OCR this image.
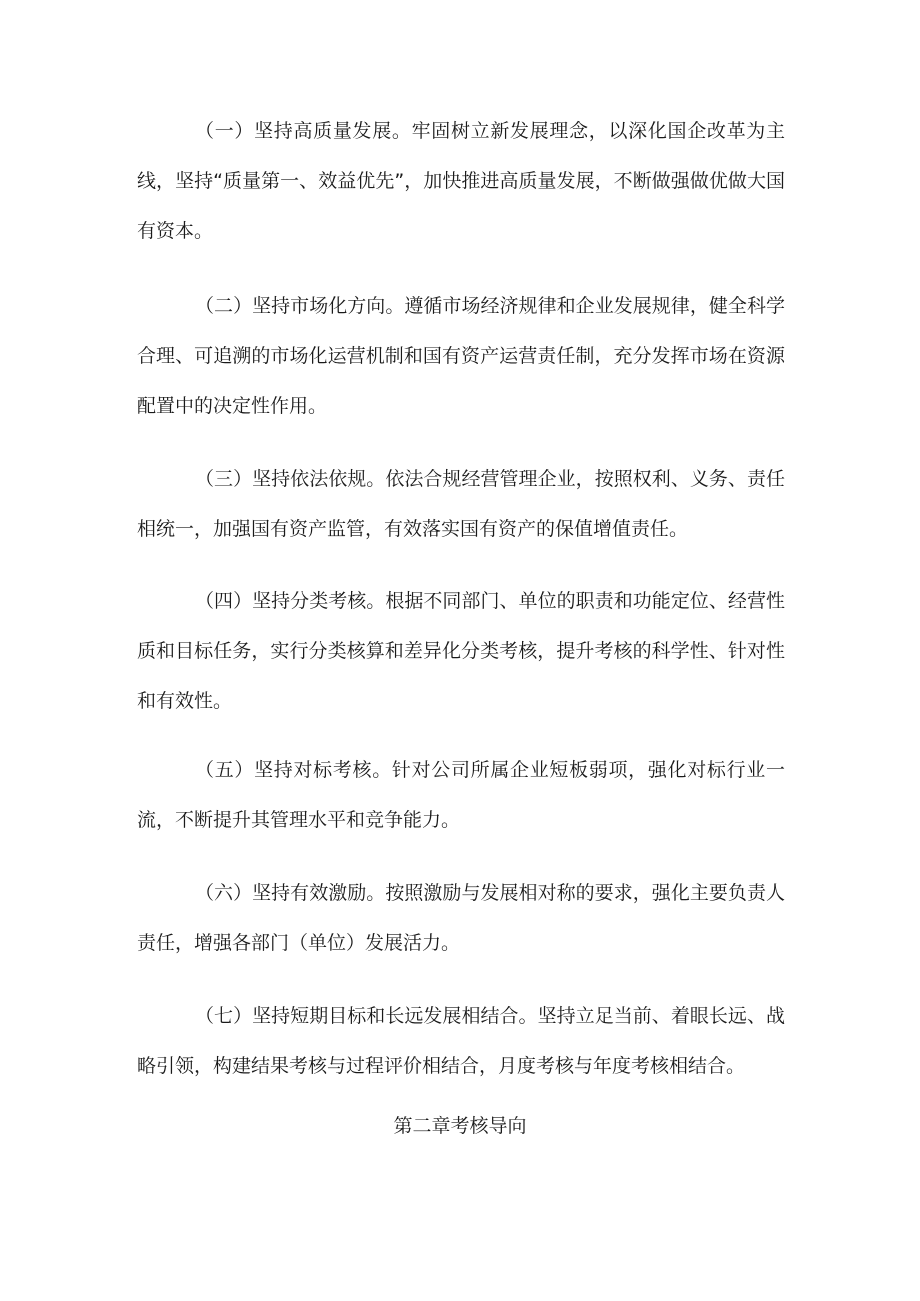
（一）坚持高质量发展。牢固树立新发展理念，以深化国企改革为主线，坚持“质量第一、效益优先”，加快推进高质量发展，不断做强做优做大国有资本。

（二）坚持市场化方向。遵循市场经济规律和企业发展规律，健全科学合理、可追溯的市场化运营机制和国有资产运营责任制，充分发挥市场在资源配置中的决定性作用。

（三）坚持依法依规。依法合规经营管理企业，按照权利、义务、责任相统一，加强国有资产监管，有效落实国有资产的保值增值责任。

（四）坚持分类考核。根据不同部门、单位的职责和功能定位、经营性质和目标任务，实行分类核算和差异化分类考核，提升考核的科学性、针对性和有效性。

（五）坚持对标考核。针对公司所属企业短板弱项，强化对标行业一流，不断提升其管理水平和竞争能力。

（六）坚持有效激励。按照激励与发展相对称的要求，强化主要负责人责任，增强各部门（单位）发展活力。

（七）坚持短期目标和长远发展相结合。坚持立足当前、着眼长远、战略引领，构建结果考核与过程评价相结合，月度考核与年度考核相结合。

第二章考核导向
